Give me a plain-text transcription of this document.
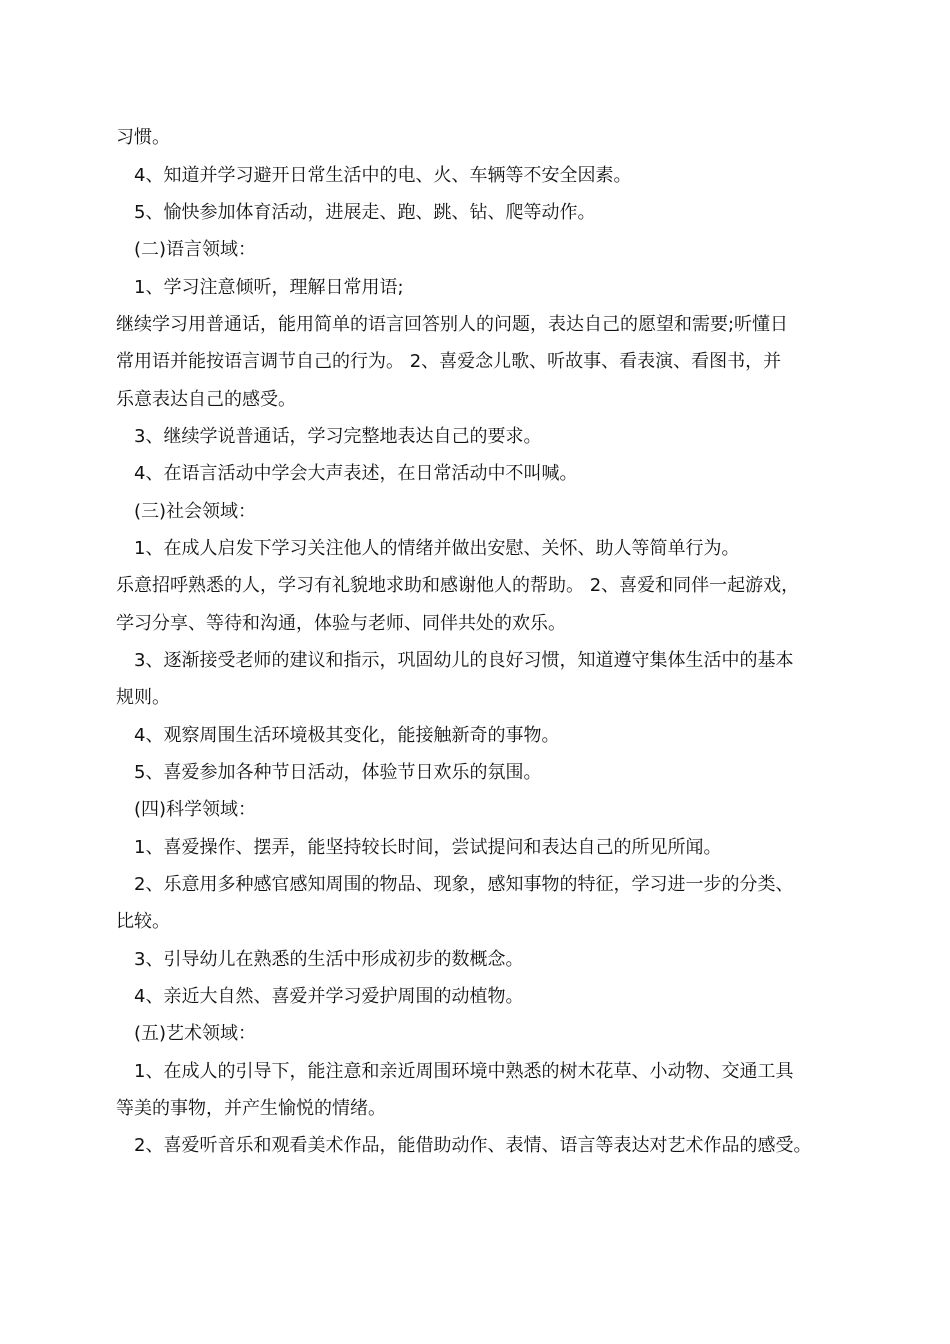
习惯。
4、知道并学习避开日常生活中的电、火、车辆等不安全因素。
5、愉快参加体育活动，进展走、跑、跳、钻、爬等动作。
(二)语言领域：
1、学习注意倾听，理解日常用语;
继续学习用普通话，能用简单的语言回答别人的问题，表达自己的愿望和需要;听懂日
常用语并能按语言调节自己的行为。 2、喜爱念儿歌、听故事、看表演、看图书，并
乐意表达自己的感受。
3、继续学说普通话，学习完整地表达自己的要求。
4、在语言活动中学会大声表述，在日常活动中不叫喊。
(三)社会领域：
1、在成人启发下学习关注他人的情绪并做出安慰、关怀、助人等简单行为。
乐意招呼熟悉的人，学习有礼貌地求助和感谢他人的帮助。 2、喜爱和同伴一起游戏，
学习分享、等待和沟通，体验与老师、同伴共处的欢乐。
3、逐渐接受老师的建议和指示，巩固幼儿的良好习惯，知道遵守集体生活中的基本
规则。
4、观察周围生活环境极其变化，能接触新奇的事物。
5、喜爱参加各种节日活动，体验节日欢乐的氛围。
(四)科学领域：
1、喜爱操作、摆弄，能坚持较长时间，尝试提问和表达自己的所见所闻。
2、乐意用多种感官感知周围的物品、现象，感知事物的特征，学习进一步的分类、
比较。
3、引导幼儿在熟悉的生活中形成初步的数概念。
4、亲近大自然、喜爱并学习爱护周围的动植物。
(五)艺术领域：
1、在成人的引导下，能注意和亲近周围环境中熟悉的树木花草、小动物、交通工具
等美的事物，并产生愉悦的情绪。
2、喜爱听音乐和观看美术作品，能借助动作、表情、语言等表达对艺术作品的感受。
